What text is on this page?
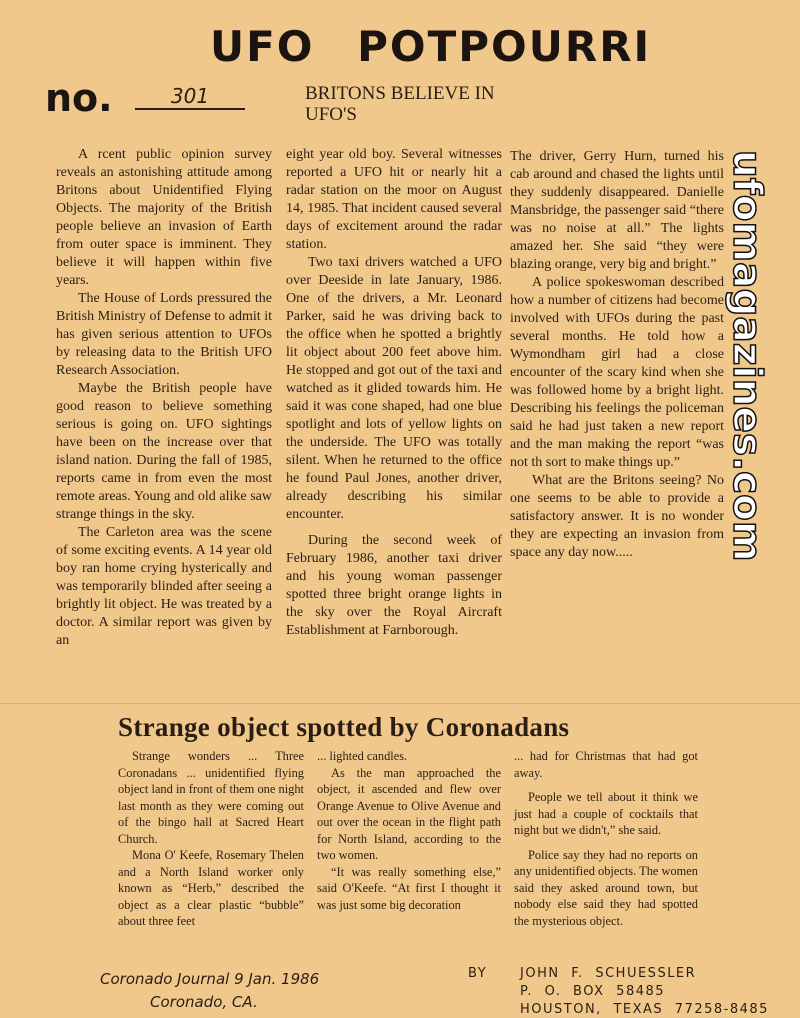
UFO POTPOURRI
no.	301	BRITONS BELIEVE IN UFO'S

A rcent public opinion survey reveals an astonishing attitude among Britons about Unidentified Flying Objects. The majority of the British people believe an invasion of Earth from outer space is imminent. They believe it will happen within five years.

The House of Lords pressured the British Ministry of Defense to admit it has given serious attention to UFOs by releasing data to the British UFO Research Association.

Maybe the British people have good reason to believe something serious is going on. UFO sightings have been on the increase over that island nation. During the fall of 1985, reports came in from even the most remote areas. Young and old alike saw strange things in the sky.

The Carleton area was the scene of some exciting events. A 14 year old boy ran home crying hysterically and was temporarily blinded after seeing a brightly lit object. He was treated by a doctor. A similar report was given by an

eight year old boy. Several witnesses reported a UFO hit or nearly hit a radar station on the moor on August 14, 1985. That incident caused several days of excitement around the radar station.

Two taxi drivers watched a UFO over Deeside in late January, 1986. One of the drivers, a Mr. Leonard Parker, said he was driving back to the office when he spotted a brightly lit object about 200 feet above him. He stopped and got out of the taxi and watched as it glided towards him. He said it was cone shaped, had one blue spotlight and lots of yellow lights on the underside. The UFO was totally silent. When he returned to the office he found Paul Jones, another driver, already describing his similar encounter.

During the second week of February 1986, another taxi driver and his young woman passenger spotted three bright orange lights in the sky over the Royal Aircraft Establishment at Farnborough.

The driver, Gerry Hurn, turned his cab around and chased the lights until they suddenly disappeared. Danielle Mansbridge, the passenger said “there was no noise at all.” The lights amazed her. She said “they were blazing orange, very big and bright.”

A police spokeswoman described how a number of citizens had become involved with UFOs during the past several months. He told how a Wymondham girl had a close encounter of the scary kind when she was followed home by a bright light. Describing his feelings the policeman said he had just taken a new report and the man making the report “was not th sort to make things up.”

What are the Britons seeing? No one seems to be able to provide a satisfactory answer. It is no wonder they are expecting an invasion from space any day now.....

Strange object spotted by Coronadans

Strange wonders ... Three Coronadans ... unidentified flying object land in front of them one night last month as they were coming out of the bingo hall at Sacred Heart Church.

Mona O' Keefe, Rosemary Thelen and a North Island worker only known as “Herb,” described the object as a clear plastic “bubble” about three feet

... lighted candles.

As the man approached the object, it ascended and flew over Orange Avenue to Olive Avenue and out over the ocean in the flight path for North Island, according to the two women.

“It was really something else,” said O'Keefe. “At first I thought it was just some big decoration

... had for Christmas that had got away.

People we tell about it think we just had a couple of cocktails that night but we didn't,” she said.

Police say they had no reports on any unidentified objects. The women said they asked around town, but nobody else said they had spotted the mysterious object.

ufomagazines.com
Coronado Journal 9 Jan. 1986
Coronado, CA.
BY	JOHN F. SCHUESSLER
P. O. BOX 58485
HOUSTON, TEXAS 77258-8485
